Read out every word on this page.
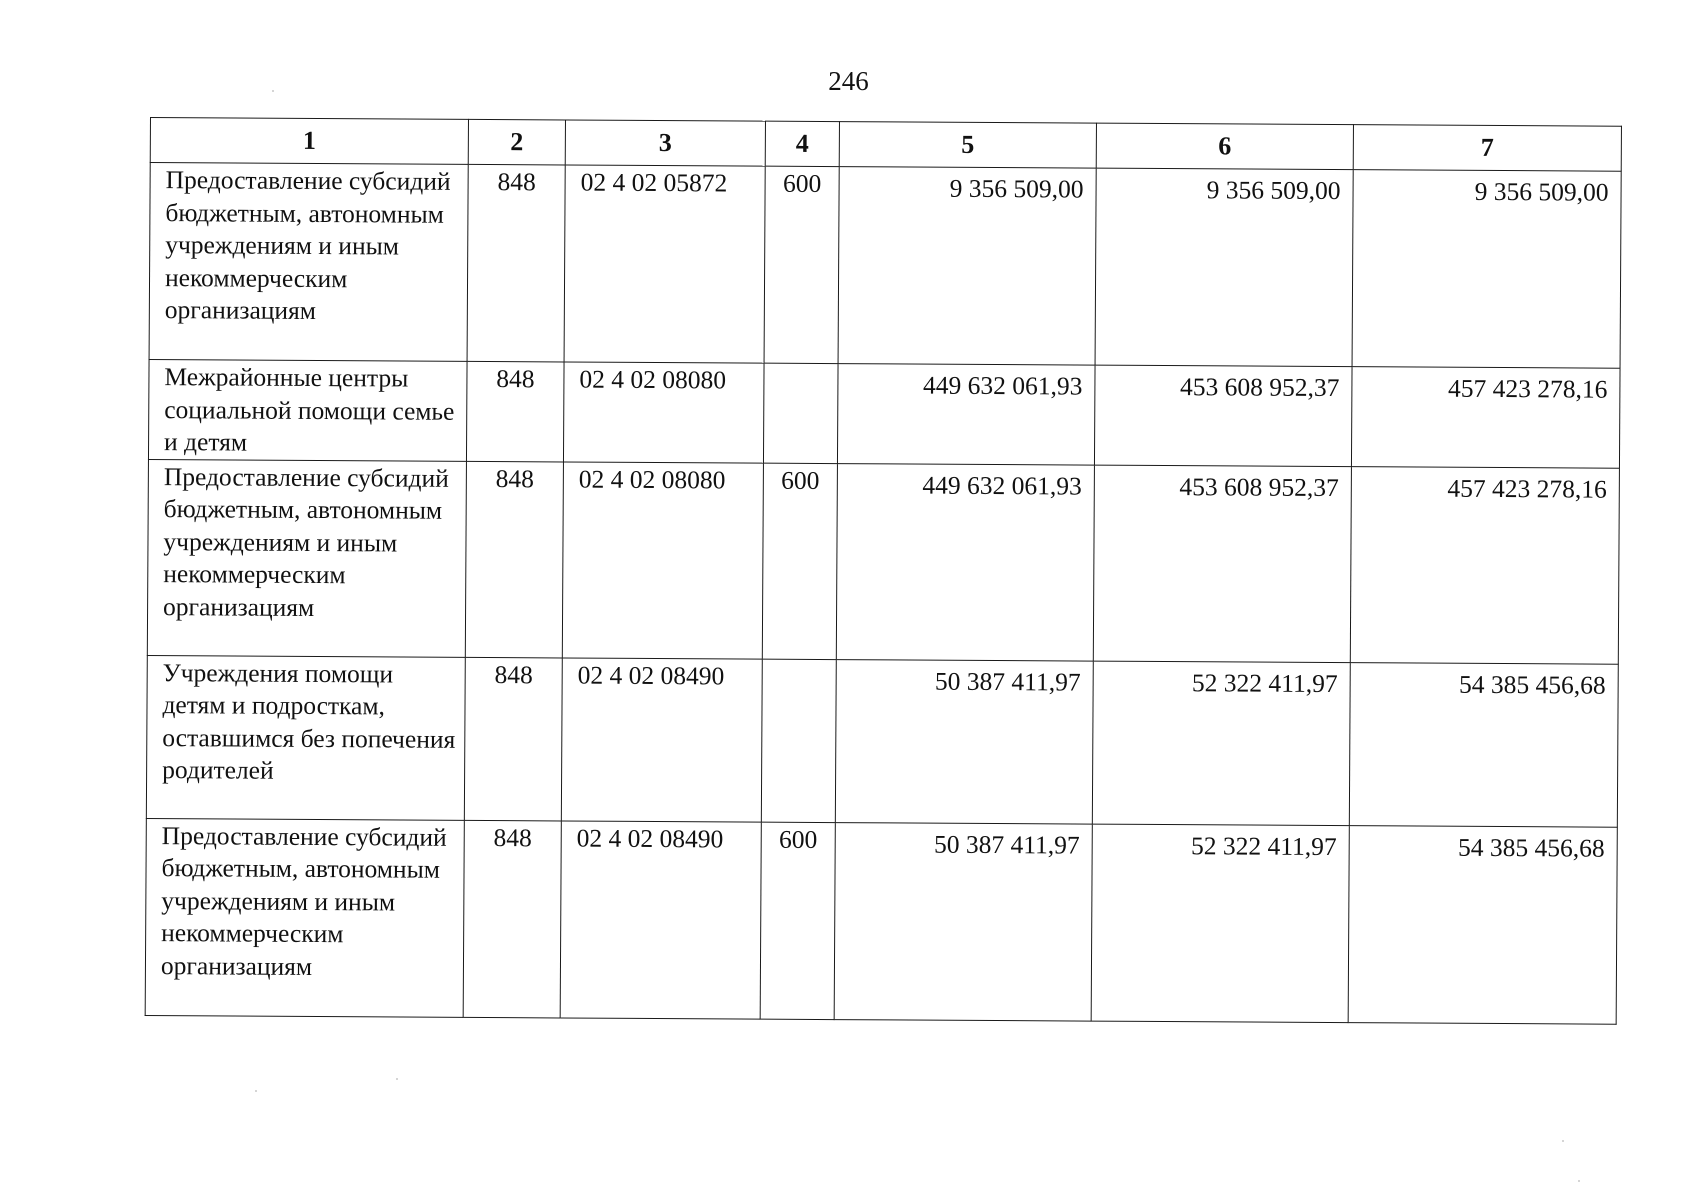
246
1	2	3	4	5	6	7
Предоставление субсидий бюджетным, автономным учреждениям и иным некоммерческим организациям	848	02 4 02 05872	600	9 356 509,00	9 356 509,00	9 356 509,00
Межрайонные центры социальной помощи семье и детям	848	02 4 02 08080		449 632 061,93	453 608 952,37	457 423 278,16
Предоставление субсидий бюджетным, автономным учреждениям и иным некоммерческим организациям	848	02 4 02 08080	600	449 632 061,93	453 608 952,37	457 423 278,16
Учреждения помощи детям и подросткам, оставшимся без попечения родителей	848	02 4 02 08490		50 387 411,97	52 322 411,97	54 385 456,68
Предоставление субсидий бюджетным, автономным учреждениям и иным некоммерческим организациям	848	02 4 02 08490	600	50 387 411,97	52 322 411,97	54 385 456,68
